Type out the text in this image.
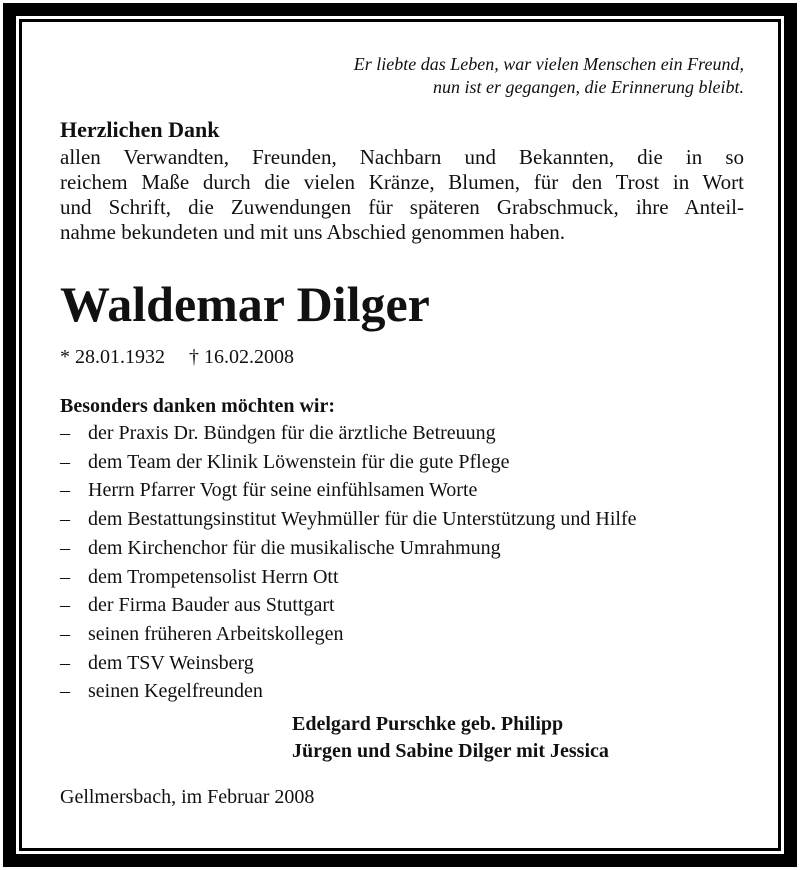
Er liebte das Leben, war vielen Menschen ein Freund,
nun ist er gegangen, die Erinnerung bleibt.
Herzlichen Dank
allen Verwandten, Freunden, Nachbarn und Bekannten, die in so
reichem Maße durch die vielen Kränze, Blumen, für den Trost in Wort
und Schrift, die Zuwendungen für späteren Grabschmuck, ihre Anteil-
nahme bekundeten und mit uns Abschied genommen haben.
Waldemar Dilger
* 28.01.1932 † 16.02.2008
Besonders danken möchten wir:
– der Praxis Dr. Bündgen für die ärztliche Betreuung
– dem Team der Klinik Löwenstein für die gute Pflege
– Herrn Pfarrer Vogt für seine einfühlsamen Worte
– dem Bestattungsinstitut Weyhmüller für die Unterstützung und Hilfe
– dem Kirchenchor für die musikalische Umrahmung
– dem Trompetensolist Herrn Ott
– der Firma Bauder aus Stuttgart
– seinen früheren Arbeitskollegen
– dem TSV Weinsberg
– seinen Kegelfreunden
Edelgard Purschke geb. Philipp
Jürgen und Sabine Dilger mit Jessica
Gellmersbach, im Februar 2008
